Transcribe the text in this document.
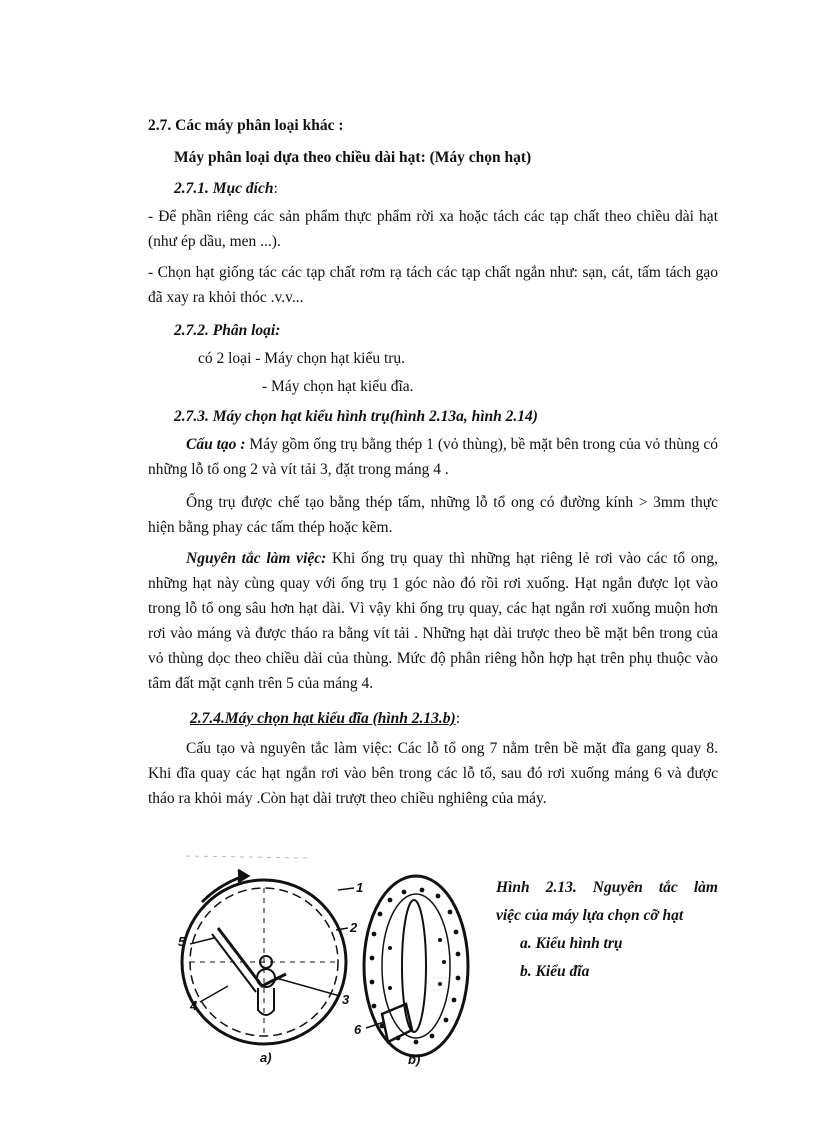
2.7. Các máy phân loại khác :
Máy phân loại dựa theo chiều dài hạt: (Máy chọn hạt)
2.7.1. Mục đích:
- Để phần riêng các sản phẩm thực phẩm rời xa hoặc tách các tạp chất theo chiều dài hạt (như ép dầu, men ...).
- Chọn hạt giống tác các tạp chất rơm rạ tách các tạp chất ngắn như: sạn, cát, tấm tách gạo đã xay ra khỏi thóc .v.v...
2.7.2. Phân loại:
có 2 loại - Máy chọn hạt kiểu trụ.
- Máy chọn hạt kiểu đĩa.
2.7.3. Máy chọn hạt kiểu hình trụ(hình 2.13a, hình 2.14)
Cấu tạo : Máy gồm ống trụ bằng thép 1 (vỏ thùng), bề mặt bên trong của vỏ thùng có những lỗ tổ ong 2 và vít tải 3, đặt trong máng 4 .
Ống trụ được chế tạo bằng thép tấm, những lỗ tổ ong có đường kính > 3mm thực hiện bằng phay các tấm thép hoặc kẽm.
Nguyên tắc làm việc: Khi ống trụ quay thì những hạt riêng lẻ rơi vào các tổ ong, những hạt này cùng quay với ống trụ 1 góc nào đó rồi rơi xuống. Hạt ngắn được lọt vào trong lỗ tổ ong sâu hơn hạt dài. Vì vậy khi ống trụ quay, các hạt ngắn rơi xuống muộn hơn rơi vào máng và được tháo ra bằng vít tải . Những hạt dài trược theo bề mặt bên trong của vỏ thùng dọc theo chiều dài của thùng. Mức độ phân riêng hỗn hợp hạt trên phụ thuộc vào tâm đất mặt cạnh trên 5 của máng 4.
2.7.4.Máy chọn hạt kiểu đĩa (hình 2.13.b):
Cấu tạo và nguyên tắc làm việc: Các lỗ tổ ong 7 nằm trên bề mặt đĩa gang quay 8. Khi đĩa quay các hạt ngắn rơi vào bên trong các lỗ tổ, sau đó rơi xuống máng 6 và được tháo ra khỏi máy .Còn hạt dài trượt theo chiều nghiêng của máy.
1
2
3
4
5
6
a)	b)
Hình 2.13. Nguyên tắc làm
việc của máy lựa chọn cỡ hạt
a. Kiểu hình trụ
b. Kiểu đĩa
